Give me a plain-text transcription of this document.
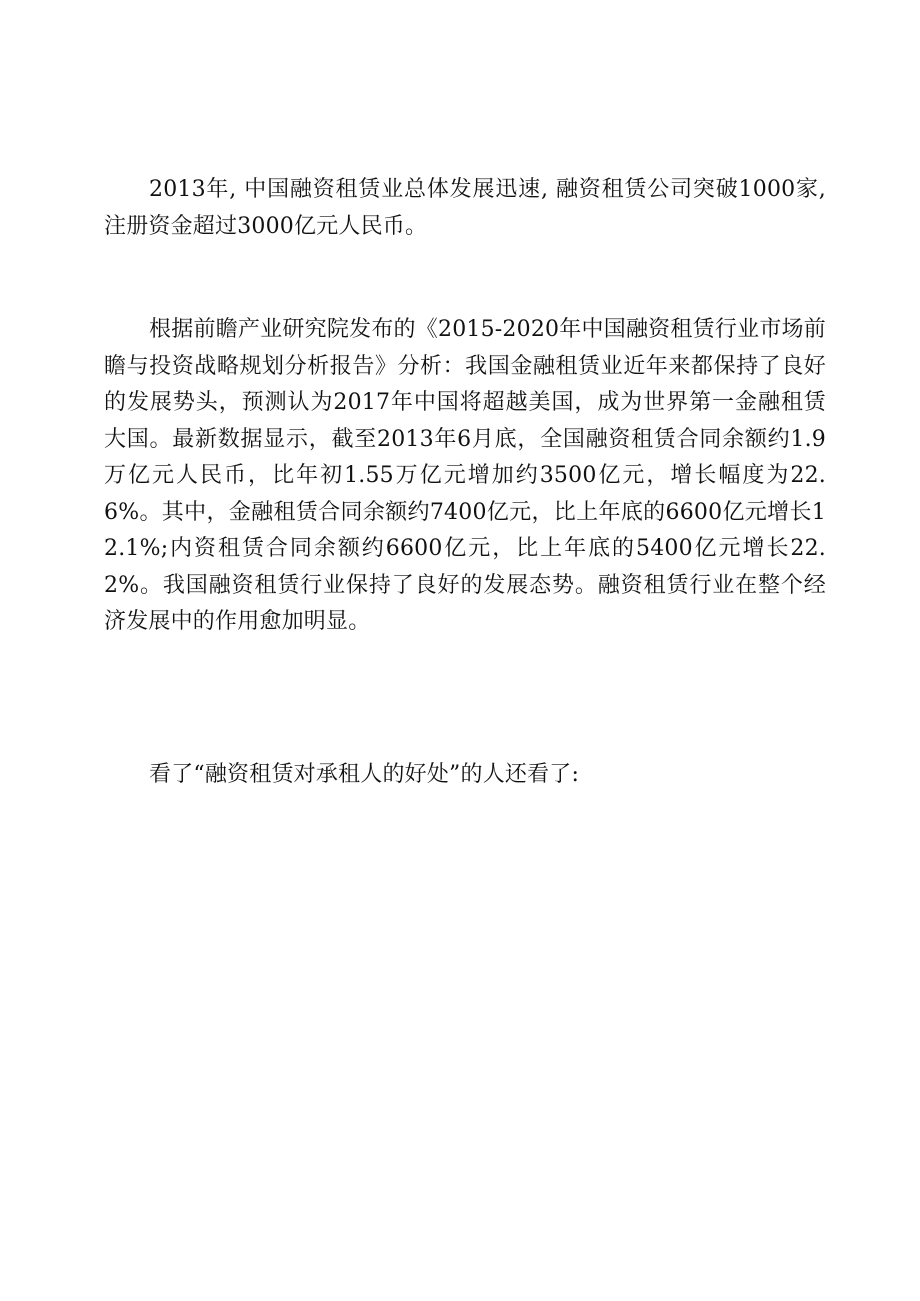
2013年, 中国融资租赁业总体发展迅速, 融资租赁公司突破1000家, 注册资金超过3000亿元人民币。

根据前瞻产业研究院发布的《2015-2020年中国融资租赁行业市场前瞻与投资战略规划分析报告》分析：我国金融租赁业近年来都保持了良好的发展势头，预测认为2017年中国将超越美国，成为世界第一金融租赁大国。最新数据显示，截至2013年6月底，全国融资租赁合同余额约1.9万亿元人民币，比年初1.55万亿元增加约3500亿元，增长幅度为22.6%。其中，金融租赁合同余额约7400亿元，比上年底的6600亿元增长12.1%;内资租赁合同余额约6600亿元，比上年底的5400亿元增长22.2%。我国融资租赁行业保持了良好的发展态势。融资租赁行业在整个经济发展中的作用愈加明显。

看了“融资租赁对承租人的好处”的人还看了:
